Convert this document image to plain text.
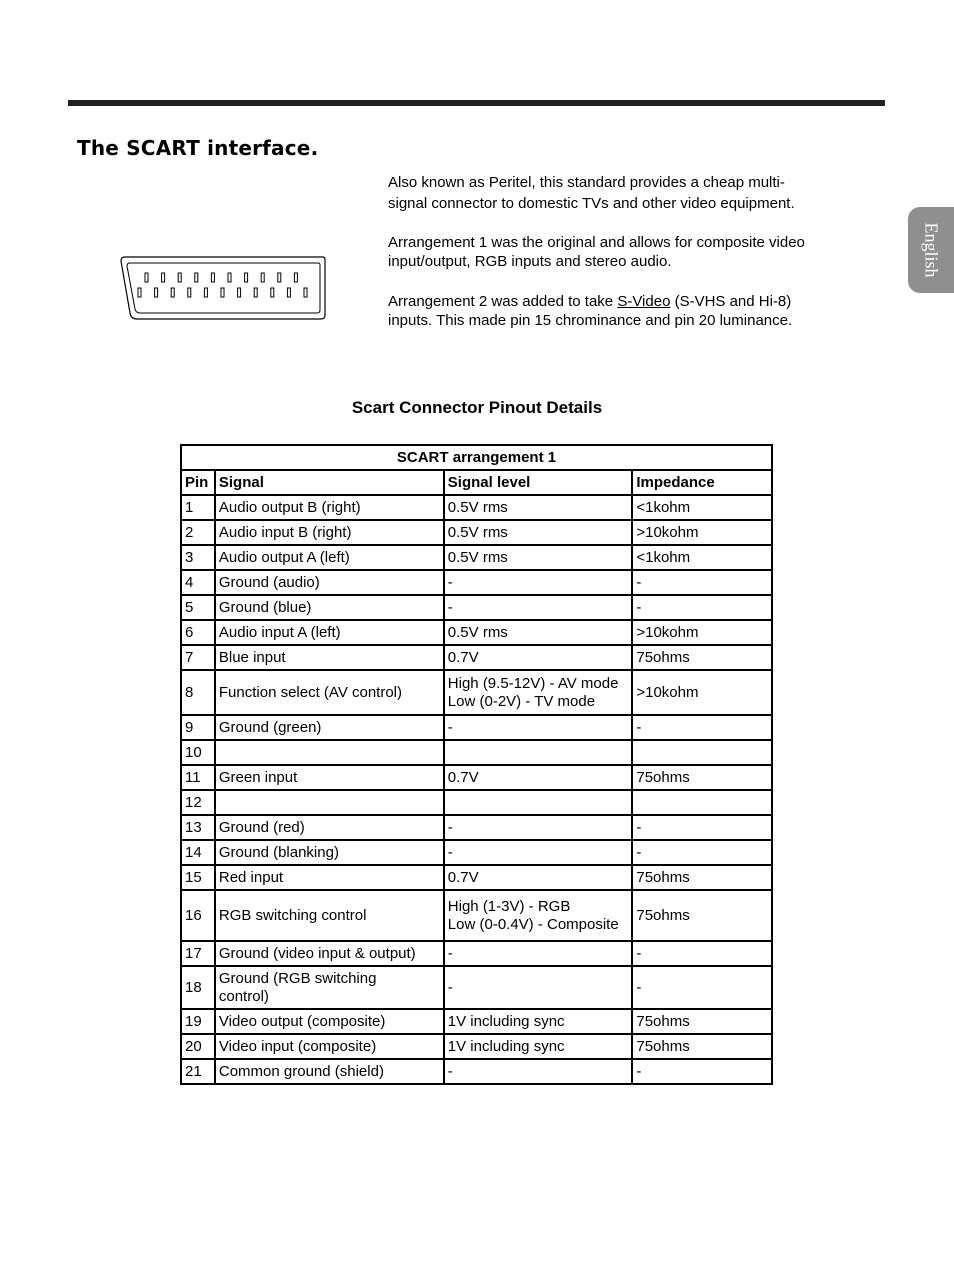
The SCART interface.
English

Also known as Peritel, this standard provides a cheap multi-
signal connector to domestic TVs and other video equipment.

Arrangement 1 was the original and allows for composite video
input/output, RGB inputs and stereo audio.

Arrangement 2 was added to take S-Video (S-VHS and Hi-8)
inputs. This made pin 15 chrominance and pin 20 luminance.

Scart Connector Pinout Details
SCART arrangement 1			
Pin	Signal	Signal level	Impedance
1	Audio output B (right)	0.5V rms	<1kohm
2	Audio input B (right)	0.5V rms	>10kohm
3	Audio output A (left)	0.5V rms	<1kohm
4	Ground (audio)	-	-
5	Ground (blue)	-	-
6	Audio input A (left)	0.5V rms	>10kohm
7	Blue input	0.7V	75ohms
8	Function select (AV control)	High (9.5-12V) - AV mode
Low (0-2V) - TV mode	>10kohm
9	Ground (green)	-	-
10			
11	Green input	0.7V	75ohms
12			
13	Ground (red)	-	-
14	Ground (blanking)	-	-
15	Red input	0.7V	75ohms
16	RGB switching control	High (1-3V) - RGB
Low (0-0.4V) - Composite	75ohms
17	Ground (video input & output)	-	-
18	Ground (RGB switching
control)	-	-
19	Video output (composite)	1V including sync	75ohms
20	Video input (composite)	1V including sync	75ohms
21	Common ground (shield)	-	-
